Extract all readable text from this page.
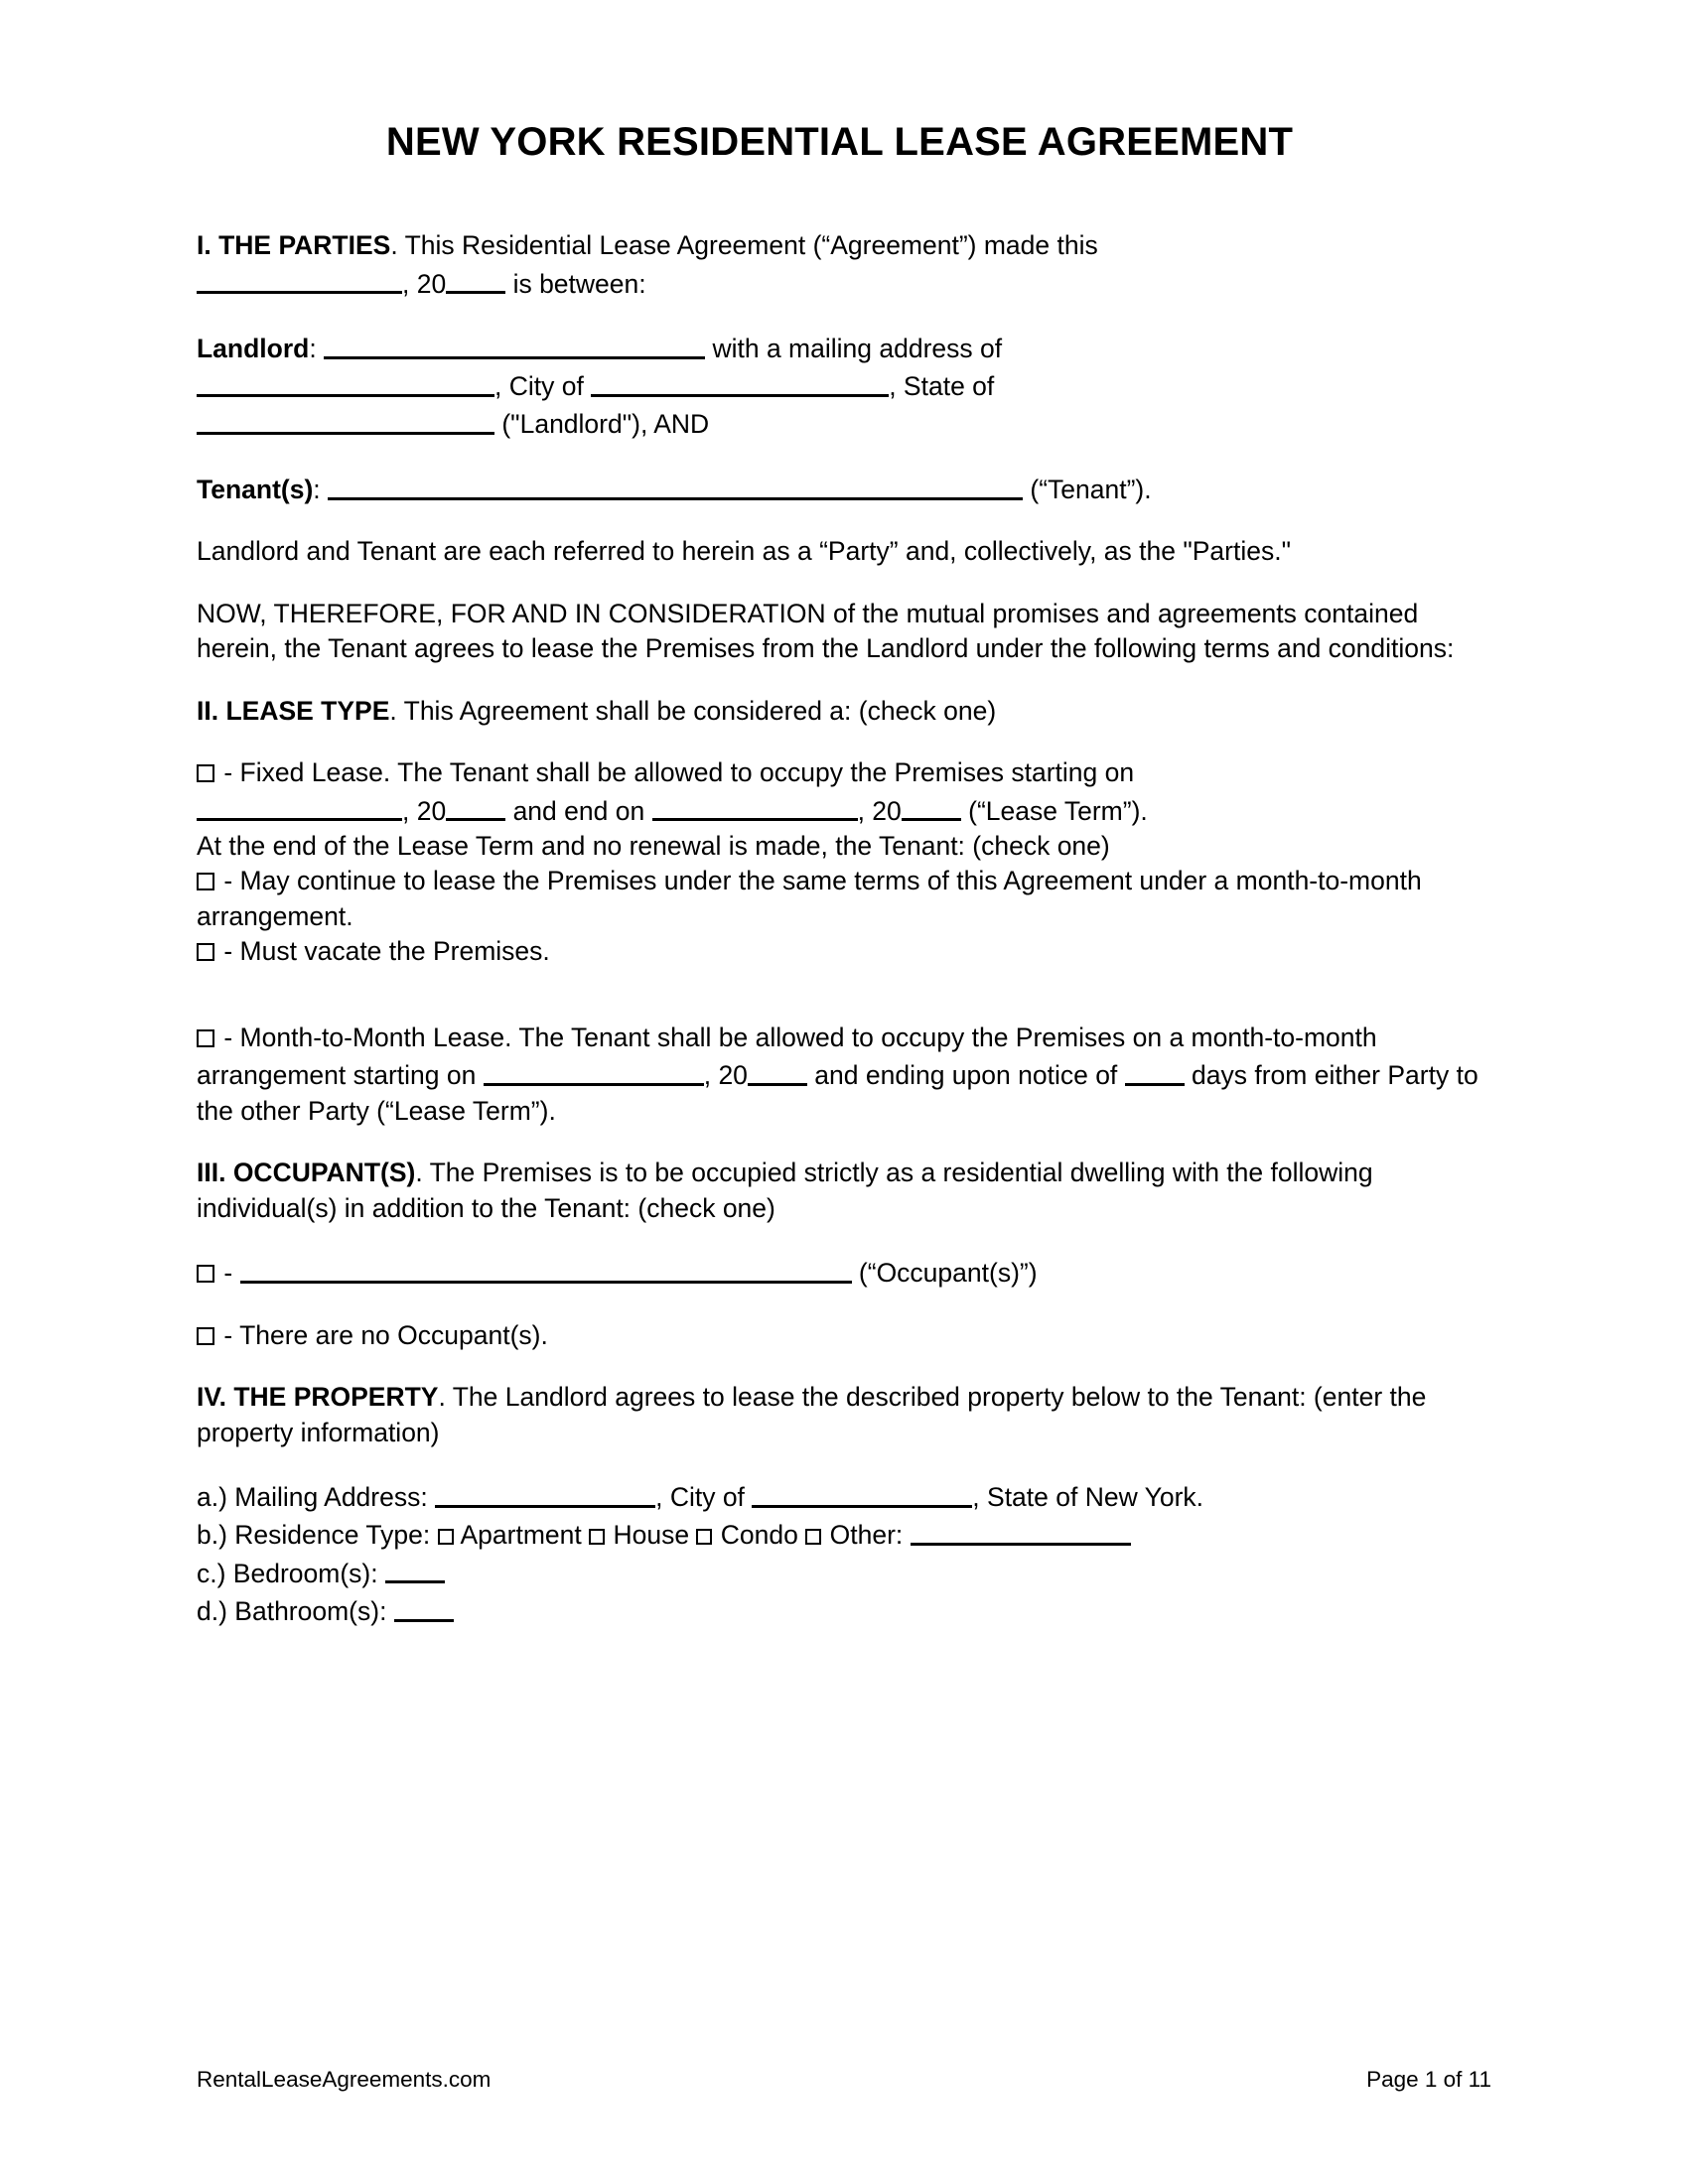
NEW YORK RESIDENTIAL LEASE AGREEMENT

I. THE PARTIES. This Residential Lease Agreement (“Agreement”) made this
, 20 is between:

Landlord:	with a mailing address of
, City of	, State of
("Landlord"), AND

Tenant(s):	(“Tenant”).

Landlord and Tenant are each referred to herein as a “Party” and, collectively, as the "Parties."

NOW, THEREFORE, FOR AND IN CONSIDERATION of the mutual promises and agreements contained herein, the Tenant agrees to lease the Premises from the Landlord under the following terms and conditions:

II. LEASE TYPE. This Agreement shall be considered a: (check one)

- Fixed Lease. The Tenant shall be allowed to occupy the Premises starting on
, 20 and end on	, 20 (“Lease Term”).

At the end of the Lease Term and no renewal is made, the Tenant: (check one)

- May continue to lease the Premises under the same terms of this Agreement under a month-to-month arrangement.

- Must vacate the Premises.

- Month-to-Month Lease. The Tenant shall be allowed to occupy the Premises on a month-to-month arrangement starting on	, 20 and ending upon notice of  days from either Party to the other Party (“Lease Term”).

III. OCCUPANT(S). The Premises is to be occupied strictly as a residential dwelling with the following individual(s) in addition to the Tenant: (check one)

-	(“Occupant(s)”)

- There are no Occupant(s).

IV. THE PROPERTY. The Landlord agrees to lease the described property below to the Tenant: (enter the property information)

a.) Mailing Address:	, City of	, State of New York.

b.) Residence Type:  Apartment  House  Condo  Other:

c.) Bedroom(s):

d.) Bathroom(s):

RentalLeaseAgreements.com	Page 1 of 11
